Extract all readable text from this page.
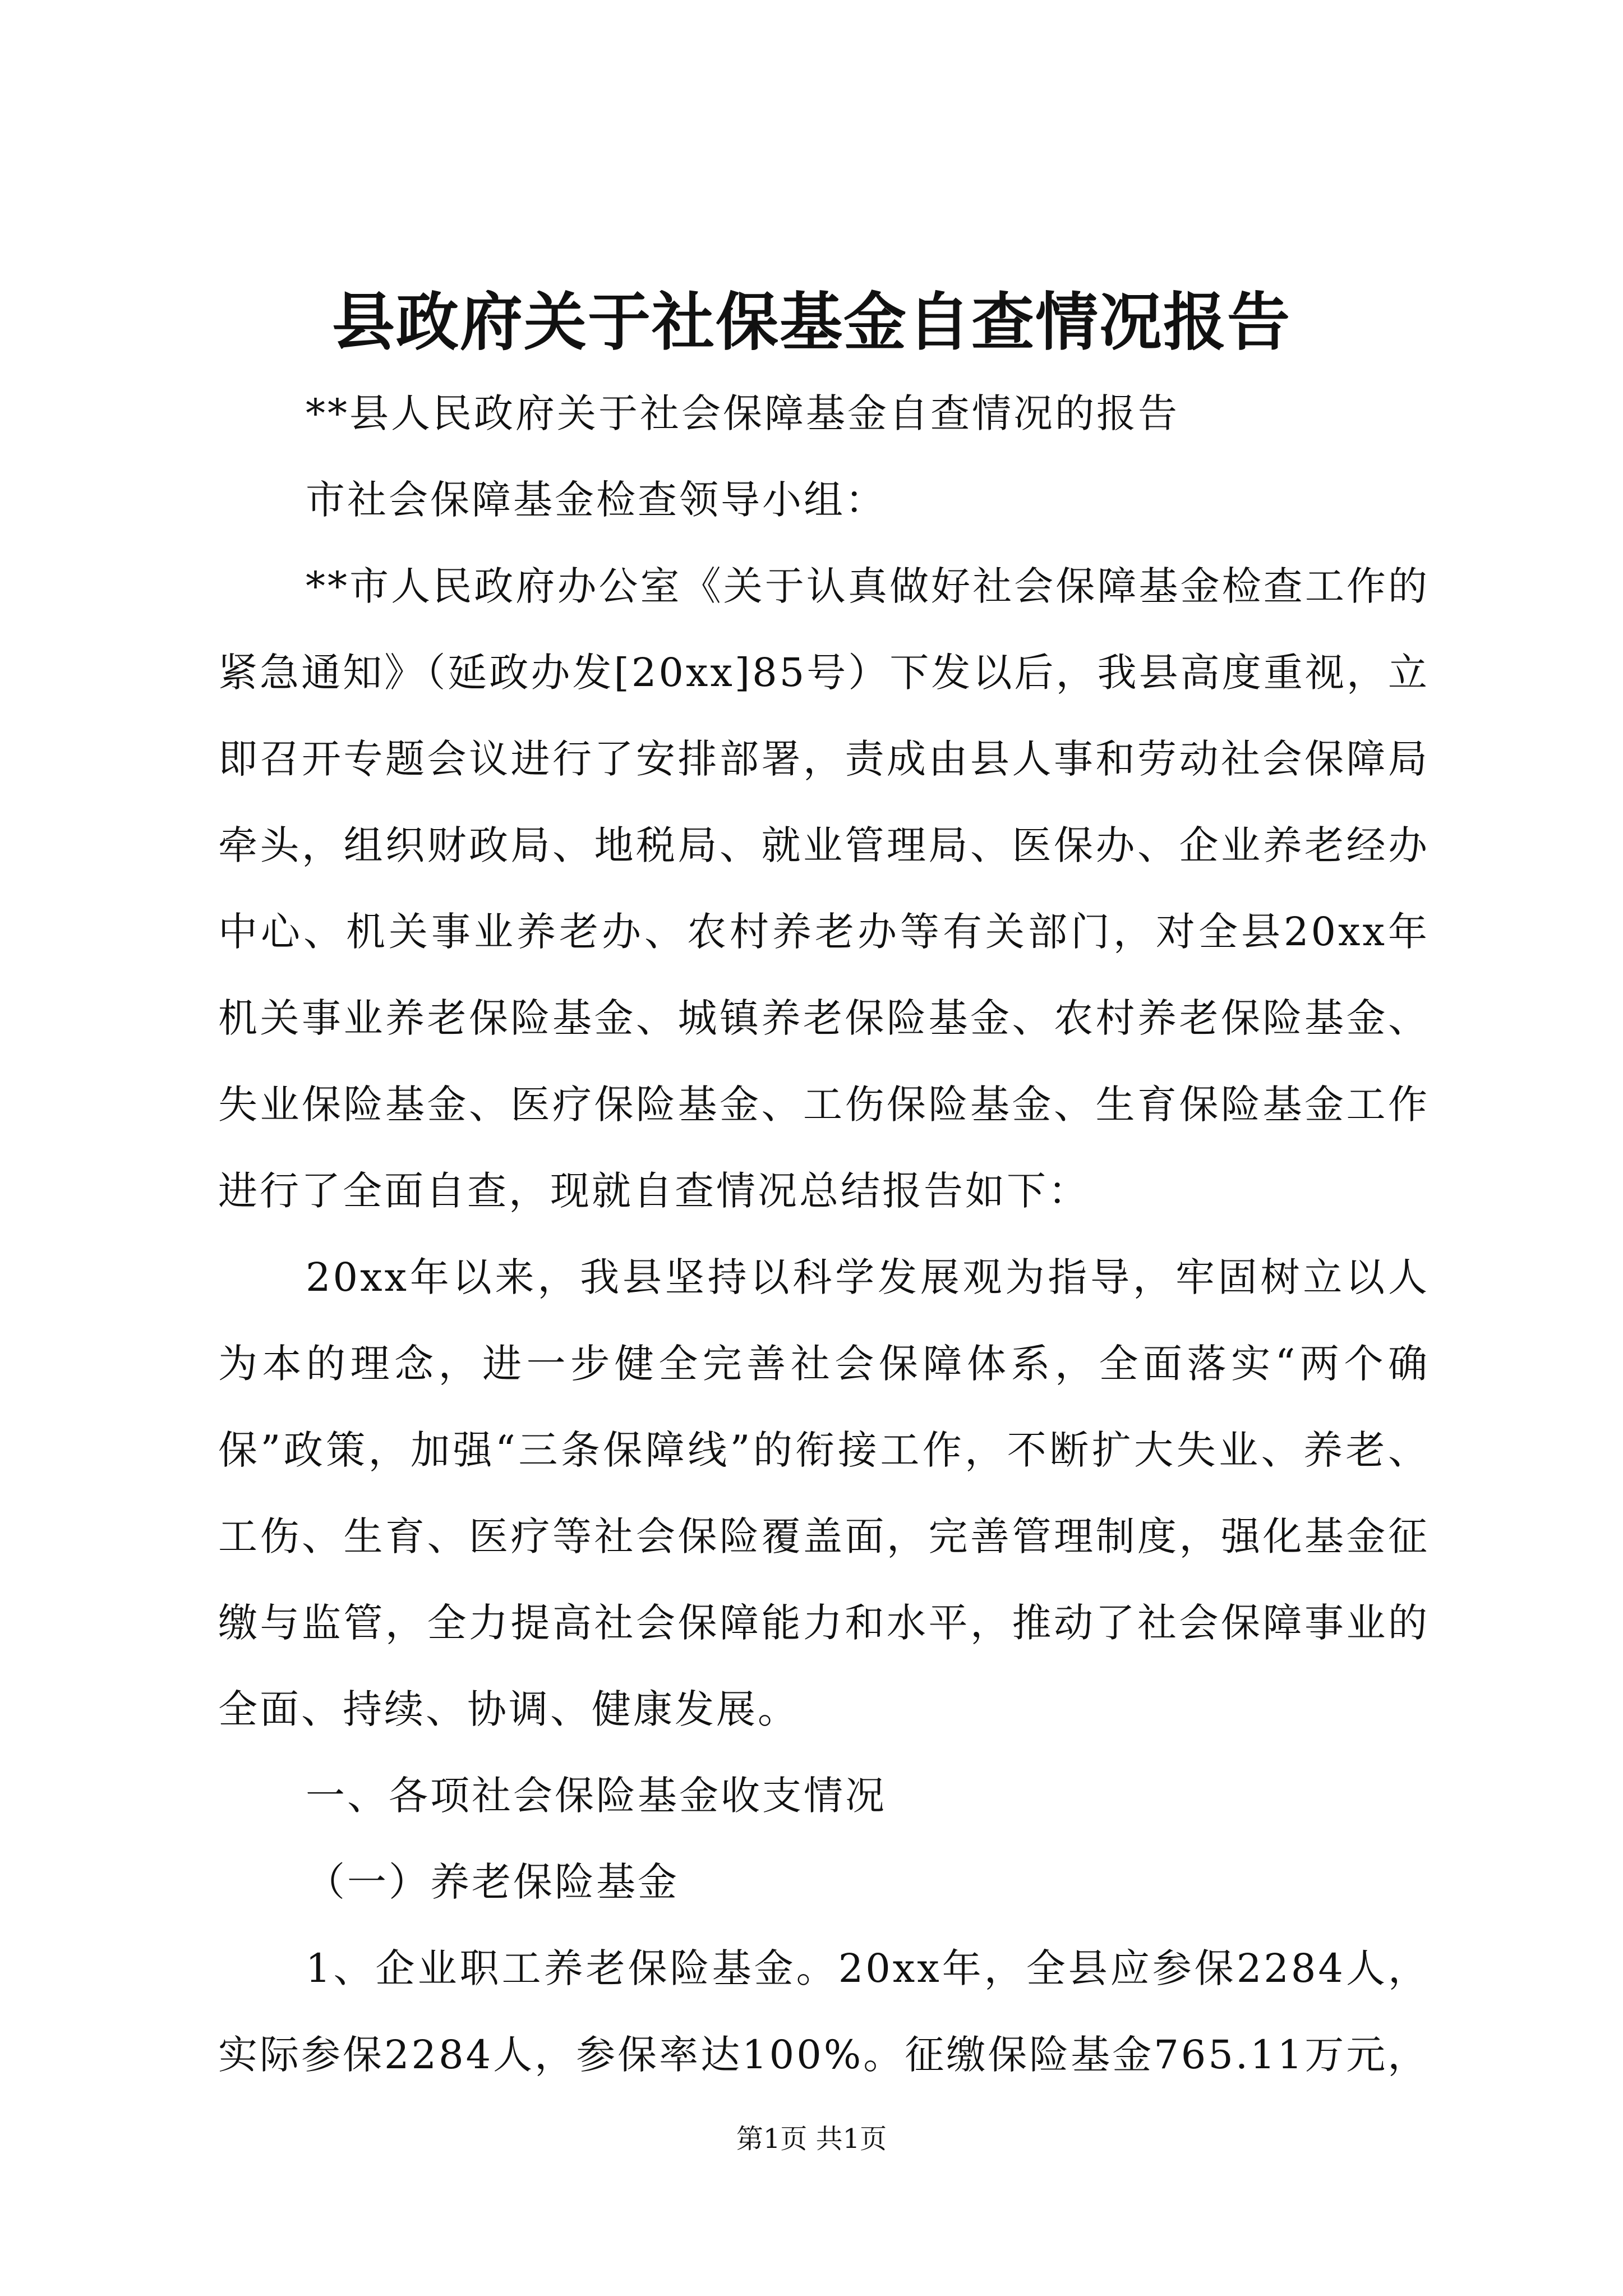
县政府关于社保基金自查情况报告

**县人民政府关于社会保障基金自查情况的报告

市社会保障基金检查领导小组：

**市人民政府办公室《关于认真做好社会保障基金检查工作的紧急通知》（延政办发[20xx]85号）下发以后，我县高度重视，立即召开专题会议进行了安排部署，责成由县人事和劳动社会保障局牵头，组织财政局、地税局、就业管理局、医保办、企业养老经办中心、机关事业养老办、农村养老办等有关部门，对全县20xx年机关事业养老保险基金、城镇养老保险基金、农村养老保险基金、失业保险基金、医疗保险基金、工伤保险基金、生育保险基金工作进行了全面自查，现就自查情况总结报告如下：

20xx年以来，我县坚持以科学发展观为指导，牢固树立以人为本的理念，进一步健全完善社会保障体系，全面落实“两个确保”政策，加强“三条保障线”的衔接工作，不断扩大失业、养老、工伤、生育、医疗等社会保险覆盖面，完善管理制度，强化基金征缴与监管，全力提高社会保障能力和水平，推动了社会保障事业的全面、持续、协调、健康发展。

一、各项社会保险基金收支情况

（一）养老保险基金

1、企业职工养老保险基金。20xx年，全县应参保2284人，实际参保2284人，参保率达100%。征缴保险基金765.11万元，

第1页 共1页
